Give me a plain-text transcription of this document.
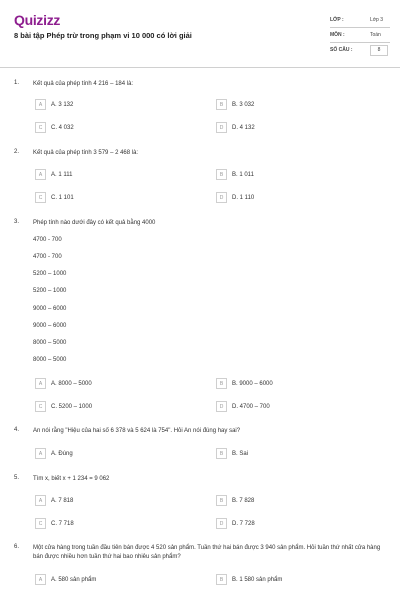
Quizizz
8 bài tập Phép trừ trong phạm vi 10 000 có lời giải
LỚP :	Lớp 3
MÔN :	Toán
SỐ CÂU :	8
1. Kết quả của phép tính 4 216 – 184 là:
A	A. 3 132	B	B. 3 032
C	C. 4 032	D	D. 4 132
2. Kết quả của phép tính 3 579 – 2 468 là:
A	A. 1 111	B	B. 1 011
C	C. 1 101	D	D. 1 110
3. Phép tính nào dưới đây có kết quả bằng 4000
4700 - 700
4700 - 700
5200 – 1000
5200 – 1000
9000 – 6000
9000 – 6000
8000 – 5000
8000 – 5000
A	A. 8000 – 5000	B	B. 9000 – 6000
C	C. 5200 – 1000	D	D. 4700 – 700
4. An nói rằng "Hiệu của hai số 6 378 và 5 624 là 754". Hỏi An nói đúng hay sai?
A	A. Đúng	B	B. Sai
5. Tìm x, biết x + 1 234 = 9 062
A	A. 7 818	B	B. 7 828
C	C. 7 718	D	D. 7 728
6. Một cửa hàng trong tuần đầu tiên bán được 4 520 sản phẩm. Tuần thứ hai bán được 3 940 sản phẩm. Hỏi tuần thứ nhất cửa hàng bán được nhiều hơn tuần thứ hai bao nhiêu sản phẩm?
A	A. 580 sản phẩm	B	B. 1 580 sản phẩm
